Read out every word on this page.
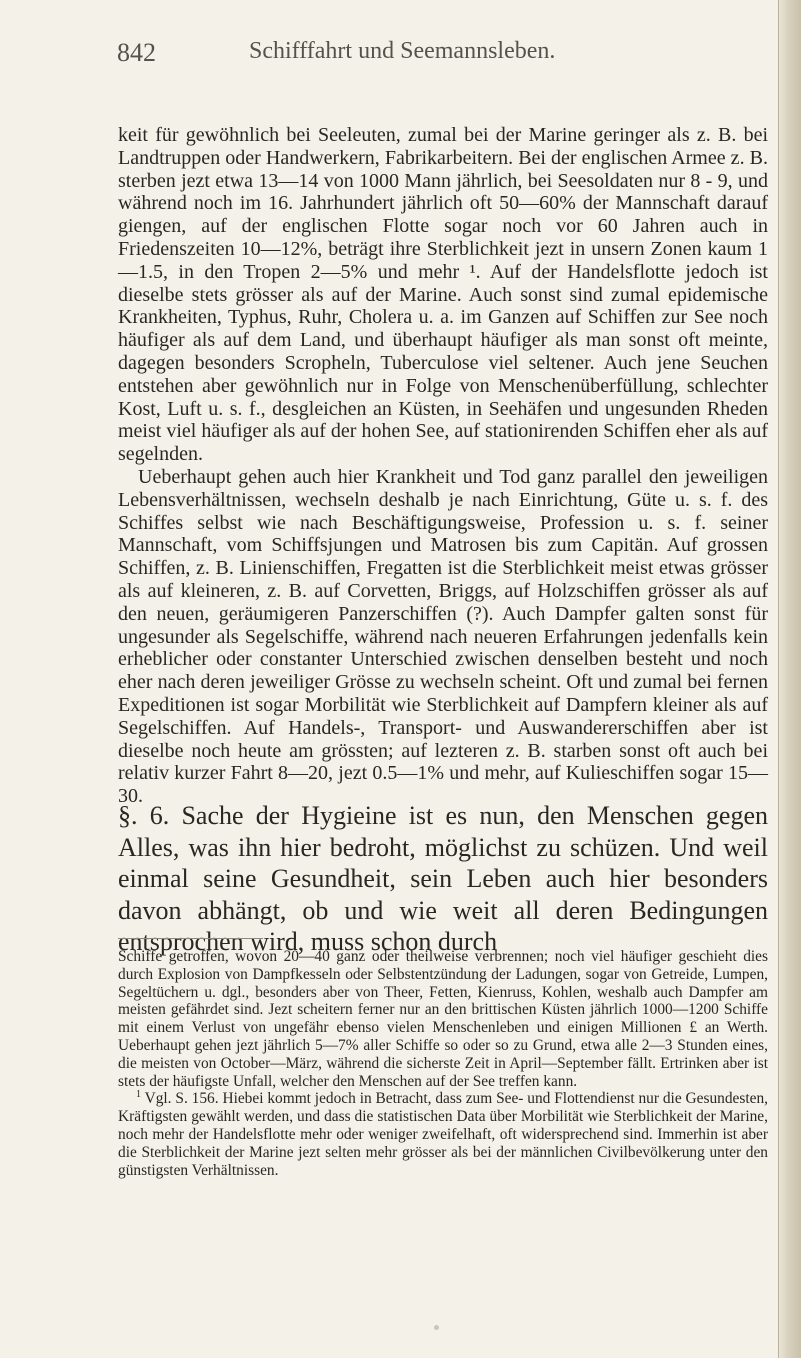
842	Schifffahrt und Seemannsleben.

keit für gewöhnlich bei Seeleuten, zumal bei der Marine geringer als z. B. bei Landtruppen oder Handwerkern, Fabrikarbeitern. Bei der englischen Armee z. B. sterben jezt etwa 13—14 von 1000 Mann jährlich, bei Seesoldaten nur 8 - 9, und während noch im 16. Jahrhundert jährlich oft 50—60% der Mannschaft darauf giengen, auf der englischen Flotte sogar noch vor 60 Jahren auch in Friedenszeiten 10—12%, beträgt ihre Sterblichkeit jezt in unsern Zonen kaum 1—1.5, in den Tropen 2—5% und mehr ¹. Auf der Handelsflotte jedoch ist dieselbe stets grösser als auf der Marine. Auch sonst sind zumal epidemische Krankheiten, Typhus, Ruhr, Cholera u. a. im Ganzen auf Schiffen zur See noch häufiger als auf dem Land, und überhaupt häufiger als man sonst oft meinte, dagegen besonders Scropheln, Tuberculose viel seltener. Auch jene Seuchen entstehen aber gewöhnlich nur in Folge von Menschenüberfüllung, schlechter Kost, Luft u. s. f., desgleichen an Küsten, in Seehäfen und ungesunden Rheden meist viel häufiger als auf der hohen See, auf stationirenden Schiffen eher als auf segelnden.

Ueberhaupt gehen auch hier Krankheit und Tod ganz parallel den jeweiligen Lebensverhältnissen, wechseln deshalb je nach Einrichtung, Güte u. s. f. des Schiffes selbst wie nach Beschäftigungsweise, Profession u. s. f. seiner Mannschaft, vom Schiffsjungen und Matrosen bis zum Capitän. Auf grossen Schiffen, z. B. Linienschiffen, Fregatten ist die Sterblichkeit meist etwas grösser als auf kleineren, z. B. auf Corvetten, Briggs, auf Holzschiffen grösser als auf den neuen, geräumigeren Panzerschiffen (?). Auch Dampfer galten sonst für ungesunder als Segelschiffe, während nach neueren Erfahrungen jedenfalls kein erheblicher oder constanter Unterschied zwischen denselben besteht und noch eher nach deren jeweiliger Grösse zu wechseln scheint. Oft und zumal bei fernen Expeditionen ist sogar Morbilität wie Sterblichkeit auf Dampfern kleiner als auf Segelschiffen. Auf Handels-, Transport- und Auswandererschiffen aber ist dieselbe noch heute am grössten; auf lezteren z. B. starben sonst oft auch bei relativ kurzer Fahrt 8—20, jezt 0.5—1% und mehr, auf Kulieschiffen sogar 15—30.

§. 6. Sache der Hygieine ist es nun, den Menschen gegen Alles, was ihn hier bedroht, möglichst zu schüzen. Und weil einmal seine Gesundheit, sein Leben auch hier besonders davon abhängt, ob und wie weit all deren Bedingungen entsprochen wird, muss schon durch

Schiffe getroffen, wovon 20—40 ganz oder theilweise verbrennen; noch viel häufiger geschieht dies durch Explosion von Dampfkesseln oder Selbstentzündung der Ladungen, sogar von Getreide, Lumpen, Segeltüchern u. dgl., besonders aber von Theer, Fetten, Kienruss, Kohlen, weshalb auch Dampfer am meisten gefährdet sind. Jezt scheitern ferner nur an den brittischen Küsten jährlich 1000—1200 Schiffe mit einem Verlust von ungefähr ebenso vielen Menschenleben und einigen Millionen £ an Werth. Ueberhaupt gehen jezt jährlich 5—7% aller Schiffe so oder so zu Grund, etwa alle 2—3 Stunden eines, die meisten von October—März, während die sicherste Zeit in April—September fällt. Ertrinken aber ist stets der häufigste Unfall, welcher den Menschen auf der See treffen kann.

$^1$ Vgl. S. 156. Hiebei kommt jedoch in Betracht, dass zum See- und Flottendienst nur die Gesundesten, Kräftigsten gewählt werden, und dass die statistischen Data über Morbilität wie Sterblichkeit der Marine, noch mehr der Handelsflotte mehr oder weniger zweifelhaft, oft widersprechend sind. Immerhin ist aber die Sterblichkeit der Marine jezt selten mehr grösser als bei der männlichen Civilbevölkerung unter den günstigsten Verhältnissen.
